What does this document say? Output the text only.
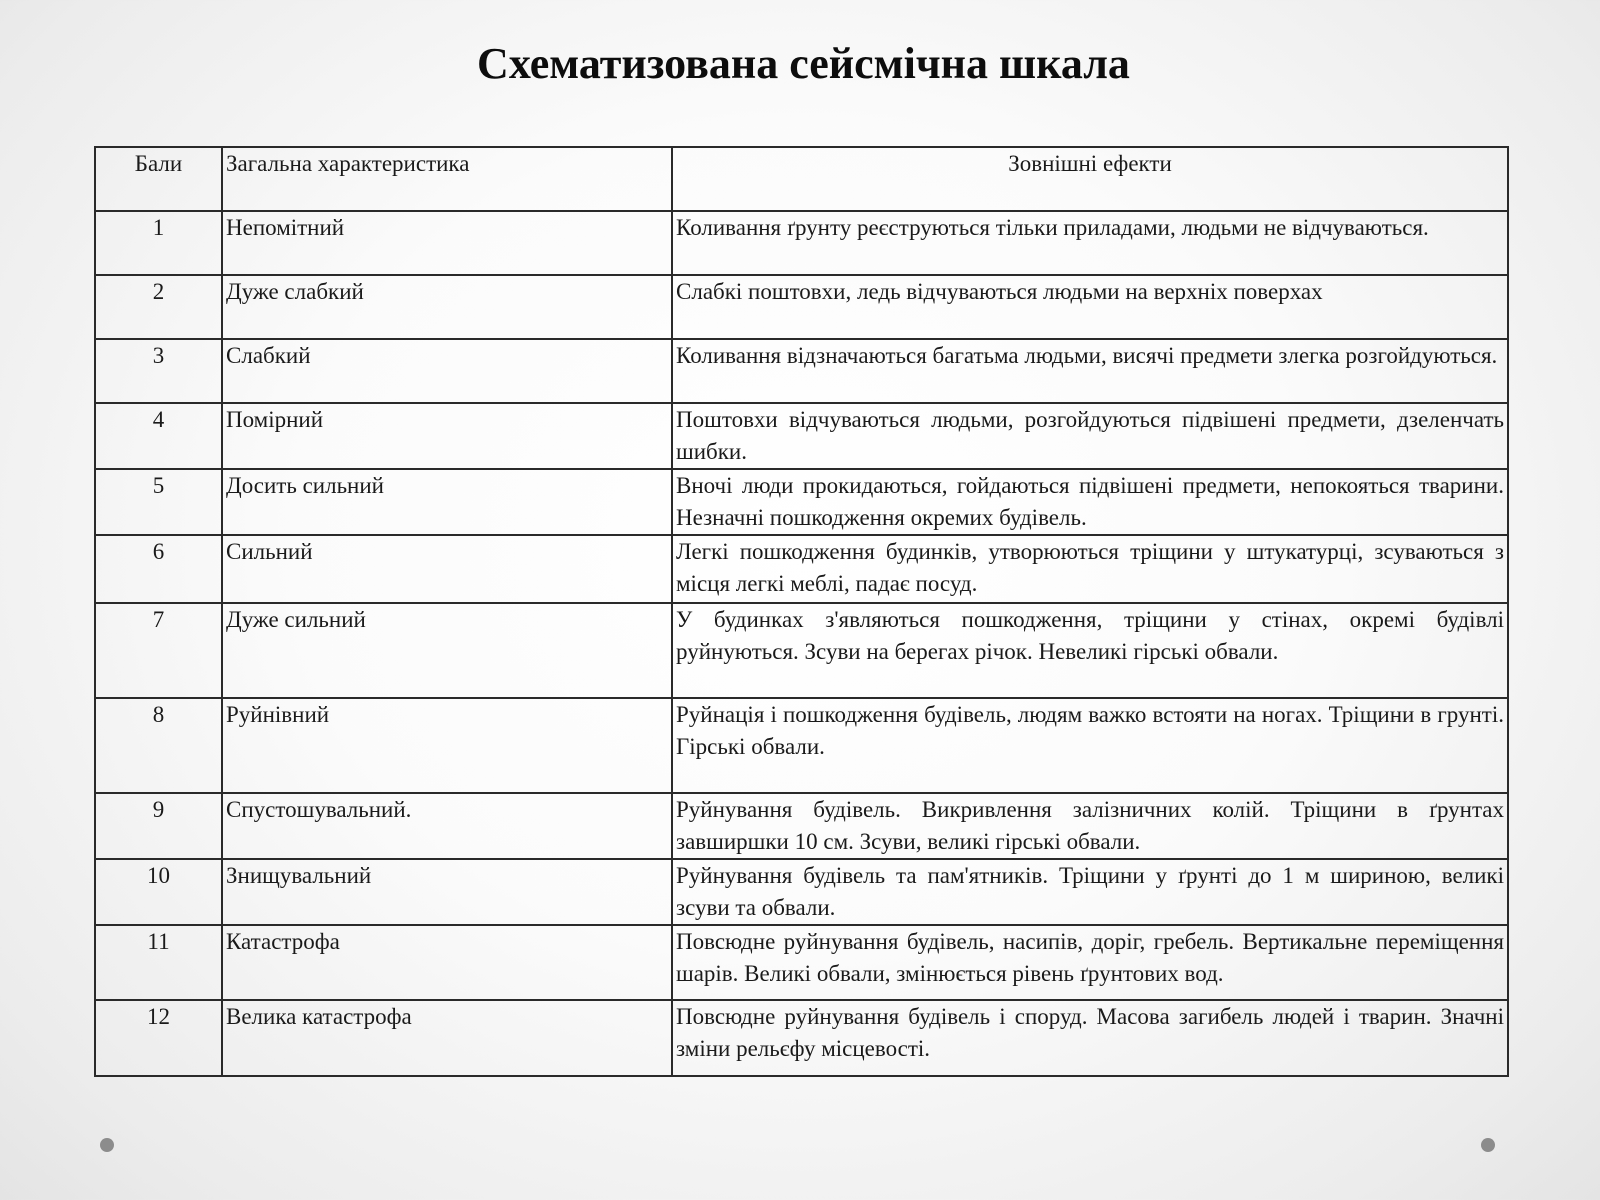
Схематизована сейсмічна шкала
Бали	Загальна характеристика	Зовнішні ефекти
1	Непомітний	Коливання ґрунту реєструються тільки приладами, людьми не відчуваються.
2	Дуже слабкий	Слабкі поштовхи, ледь відчуваються людьми на верхніх поверхах
3	Слабкий	Коливання відзначаються багатьма людьми, висячі предмети злегка розгойдуються.
4	Помірний	Поштовхи відчуваються людьми, розгойдуються підвішені предмети, дзеленчать шибки.
5	Досить сильний	Вночі люди прокидаються, гойдаються підвішені предмети, непокояться тварини. Незначні пошкодження окремих будівель.
6	Сильний	Легкі пошкодження будинків, утворюються тріщини у штукатурці, зсуваються з місця легкі меблі, падає посуд.
7	Дуже сильний	У будинках з'являються пошкодження, тріщини у стінах, окремі будівлі руйнуються. Зсуви на берегах річок. Невеликі гірські обвали.
8	Руйнівний	Руйнація і пошкодження будівель, людям важко встояти на ногах. Тріщини в грунті. Гірські обвали.
9	Спустошувальний.	Руйнування будівель. Викривлення залізничних колій. Тріщини в ґрунтах завширшки 10 см. Зсуви, великі гірські обвали.
10	Знищувальний	Руйнування будівель та пам'ятників. Тріщини у ґрунті до 1 м шириною, великі зсуви та обвали.
11	Катастрофа	Повсюдне руйнування будівель, насипів, доріг, гребель. Вертикальне переміщення шарів. Великі обвали, змінюється рівень ґрунтових вод.
12	Велика катастрофа	Повсюдне руйнування будівель і споруд. Масова загибель людей і тварин. Значні зміни рельєфу місцевості.
